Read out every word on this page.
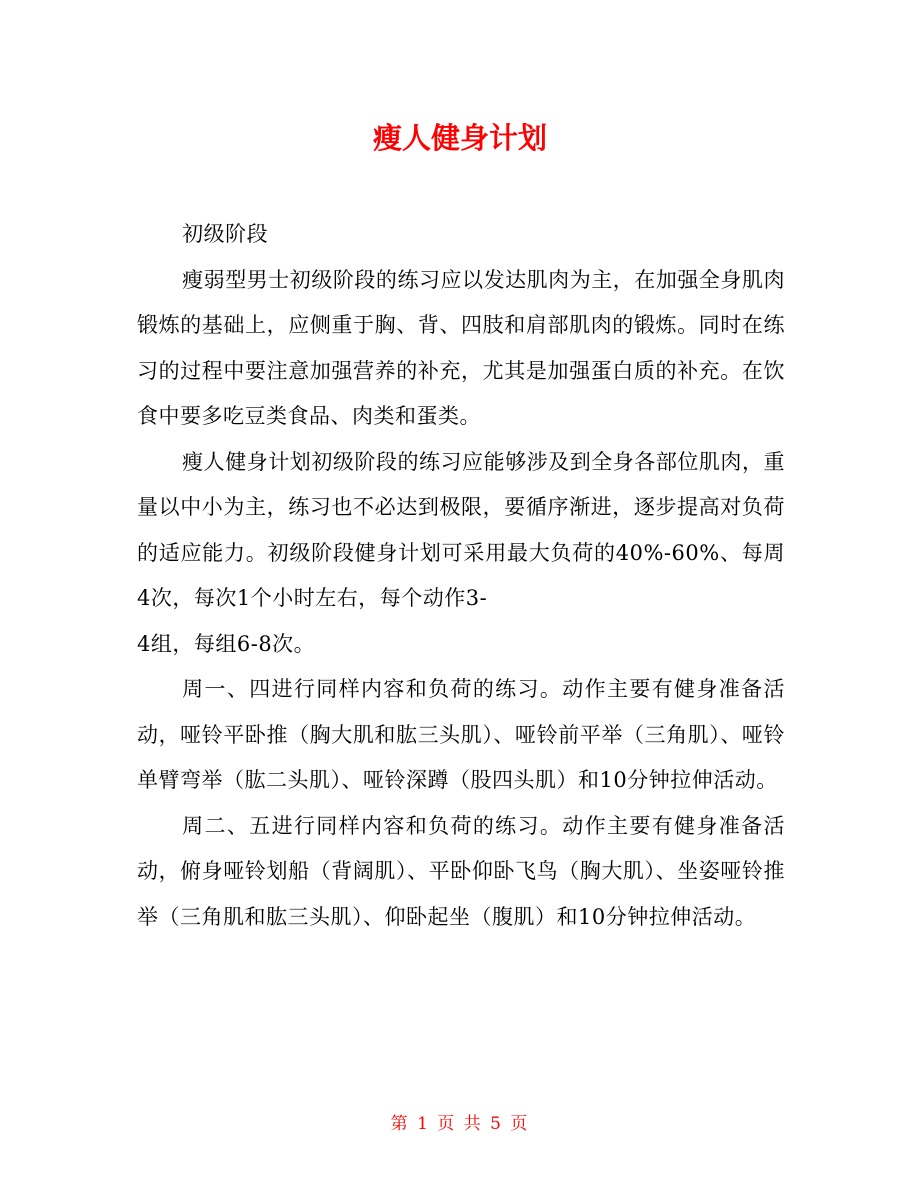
瘦人健身计划

初级阶段

瘦弱型男士初级阶段的练习应以发达肌肉为主，在加强全身肌肉锻炼的基础上，应侧重于胸、背、四肢和肩部肌肉的锻炼。同时在练习的过程中要注意加强营养的补充，尤其是加强蛋白质的补充。在饮食中要多吃豆类食品、肉类和蛋类。

瘦人健身计划初级阶段的练习应能够涉及到全身各部位肌肉，重量以中小为主，练习也不必达到极限，要循序渐进，逐步提高对负荷的适应能力。初级阶段健身计划可采用最大负荷的40%-60%、每周4次，每次1个小时左右，每个动作3-

4组，每组6-8次。

周一、四进行同样内容和负荷的练习。动作主要有健身准备活动，哑铃平卧推（胸大肌和肱三头肌）、哑铃前平举（三角肌）、哑铃单臂弯举（肱二头肌）、哑铃深蹲（股四头肌）和10分钟拉伸活动。

周二、五进行同样内容和负荷的练习。动作主要有健身准备活动，俯身哑铃划船（背阔肌）、平卧仰卧飞鸟（胸大肌）、坐姿哑铃推举（三角肌和肱三头肌）、仰卧起坐（腹肌）和10分钟拉伸活动。

第 1 页 共 5 页
